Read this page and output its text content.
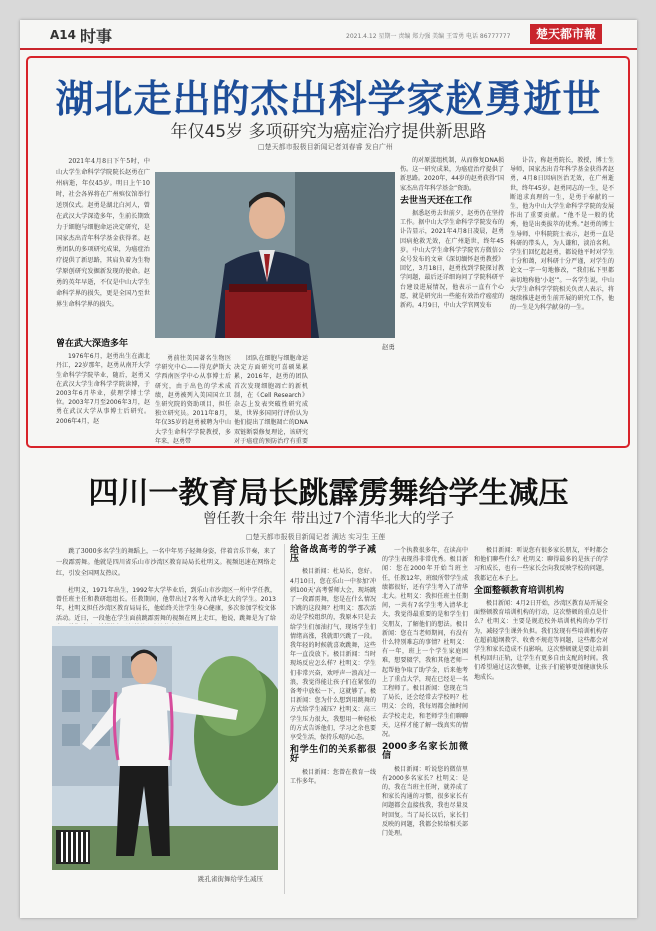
A14 时事	2021.4.12 星期一 责编 郑力强 美编 王雪勇 电话 86777777	楚天都市報
湖北走出的杰出科学家赵勇逝世
年仅45岁 多项研究为癌症治疗提供新思路
□楚天都市报极目新闻记者刘春睿 发自广州

2021年4月8日下午5时，中山大学生命科学学院院长赵勇在广州病逝，年仅45岁。明日上午10时，社会各界将在广州殡仪馆举行送别仪式。赵勇是湖北白河人，曾在武汉大学深造多年，生前长期致力于細胞与细胞命运决定研究，是国家杰出青年科学基金获得者。赵勇团队的多项研究成果，为癌症治疗提供了新思路，其肩负着为生物学原创研究发掘新发现的使命。赵勇的英年早逝，不仅是中山大学生命科学界的损失，更是全国乃至世界生命科学界的损失。

曾在武大深造多年

1976年6月，赵勇出生在湖北丹江，22岁那年，赵勇从南开大学生命科学学院毕业，随后，赵勇又在武汉大学生命科学学院读博，于2003年6月毕业，获理学博士学位。2003年7月至2006年3月，赵勇在武汉大学从事博士后研究。2006年4月，赵

赵勇

勇前往美国著名生物医学研究中心——得克萨斯大学西南医学中心从事博士后研究，由于出色的学术成绩，赵勇被列入美国国立卫生研究院的资助项目，担任独立研究员。2011年8月，年仅35岁的赵勇被聘为中山大学生命科学学院教授，多年来，赵勇带

团队在细胞与细胞命运决定方面研究可喜硕果累累，2016年，赵勇的团队首次发现细胞凋亡的新机制，在《Cell Research》杂志上发表突破性研究成果，世界多国同行评价认为他们提出了细胞凋亡的DNA双链断裂修复理论，该研究对于癌症的预防治疗有重要

的对原蛋组机制，从而修复DNA损伤。这一研究成果，为癌症治疗提供了新思路。2020年，44岁的赵勇获得“国家杰出青年科学基金”资助。

去世当天还在工作

据悉赵勇去世前夕，赵勇仍在坚持工作。据中山大学生命科学学院发布的讣告显示，2021年4月8日凌晨，赵勇因病抢救无效，在广州逝世，终年45岁。中山大学生命科学学院官方微信公众号发布的文章《深切缅怀赵勇教授》回忆，3月18日，赵勇找到学院探讨教学问题，最后还详细询问了学院科研平台建设进展情况，他表示一直有个心愿，就是研究出一些能有效治疗癌症的新药。4月9日，中山大学官网发布

讣告，称赵勇院长，教授，博士生导师，国家杰出青年科学基金获得者赵勇，4月8日因病医治无效，在广州逝世，终年45岁。赵勇同志的一生，是不断追求真理的一生，是勇于奉献的一生，他为中山大学生命科学学院的发展作出了重要贡献。“他不是一般的优秀，他是出类拔萃的优秀。”赵勇的博士生导师、中科院院士表示，赵勇一直是科研的带头人，为人谦和，淡泊名利。学生们回忆起赵勇，都说他平时对学生十分和蔼，对科研十分严谨，对学生的论文一字一句地修改，“我们私下里都亲切地称他‘小赵’”。一名学生说，中山大学生命科学学院相关负责人表示，将继续推进赵勇生前开展的研究工作，他的一生是为科学献身的一生。

四川一教育局长跳霹雳舞给学生减压
曾任教十余年 带出过7个清华北大的学子
□楚天都市报极目新闻记者 满达 实习生 王莲

跳了3000多名学生的舞蹈上，一名中年男子轻舞身姿，伴着音乐节奏，来了一段霹雳舞。他就是四川省乐山市沙湾区教育局局长杜明义。视频迅速在网络走红，引发全国网友热议。

杜明义，1971年出生，1992年大学毕业后，到乐山市沙湾区一所中学任教，曾任班主任和教研组组长。任教期间，他带出过7名考入清华北大的学生。2013年，杜明义担任沙湾区教育局局长，他始终关注学生身心健康，多次参加学校文体活动。近日，一段他在学生面前跳霹雳舞的视频在网上走红，他说，跳舞是为了给

跳孔雀街舞给学生减压
给备战高考的学子减压

极目新闻：杜局长，您好。4月10日，您在乐山一中参加‘冲刺100天’高考誓师大会，现场跳了一段霹雳舞，您是在什么情况下跳的这段舞？杜明义：那次活动是学校组织的，我原本只是去给学生们加油打气，现场学生们情绪高涨，我就即兴跳了一段。我年轻的时候就喜欢跳舞，这些年一直没放下。极目新闻：当时现场反应怎么样？杜明义：学生们非常兴奋，欢呼声一浪高过一浪，我觉得能让孩子们在紧张的备考中放松一下，这就够了。极目新闻：您为什么想到用跳舞的方式给学生减压？杜明义：高三学生压力很大，我想用一种轻松的方式告诉他们，学习之余也要享受生活，保持乐观的心态。

和学生们的关系都很好

极目新闻：您曾在教育一线工作多年。

一个执教很多年，在读高中的学生表现得非常优秀。极目新闻：您在2000年开始当班主任，任教12年，班级所带学生成绩都很好，还有学生考入了清华北大。杜明义：我担任班主任期间，一共有7名学生考入清华北大，我觉得最重要的是和学生们交朋友，了解他们的想法。极目新闻：您在当老师期间，有没有什么特别难忘的事情？杜明义：有一年，班上一个学生家庭困难，想要辍学，我和其他老师一起帮他争取了助学金，后来他考上了重点大学，现在已经是一名工程师了。极目新闻：您现在当了局长，还会经常去学校吗？杜明义：会的，我每周都会抽时间去学校走走，和老师学生们聊聊天，这样才能了解一线真实的情况。

2000多名家长加微信

极目新闻：听说您的微信里有2000多名家长？杜明义：是的，我在当班主任时，就养成了和家长沟通的习惯，很多家长有问题都会直接找我，我也尽量及时回复。当了局长以后，家长们反映的问题，我都会转给相关部门处理。

极目新闻：听说您有很多家长朋友，平时都会和他们聊些什么？杜明义：聊得最多的是孩子的学习和成长，也有一些家长会向我反映学校的问题，我都记在本子上。

全面整顿教育培训机构

极目新闻：4月2日开始，沙湾区教育局开展全面整顿教育培训机构的行动，这次整顿的重点是什么？杜明义：主要是规范校外培训机构的办学行为，减轻学生课外负担。我们发现有些培训机构存在超前超纲教学、收费不规范等问题，这些都会对学生和家长造成不良影响。这次整顿就是要让培训机构回归正轨，让学生有更多自由支配的时间。我们希望通过这次整顿，让孩子们能够更加健康快乐地成长。
